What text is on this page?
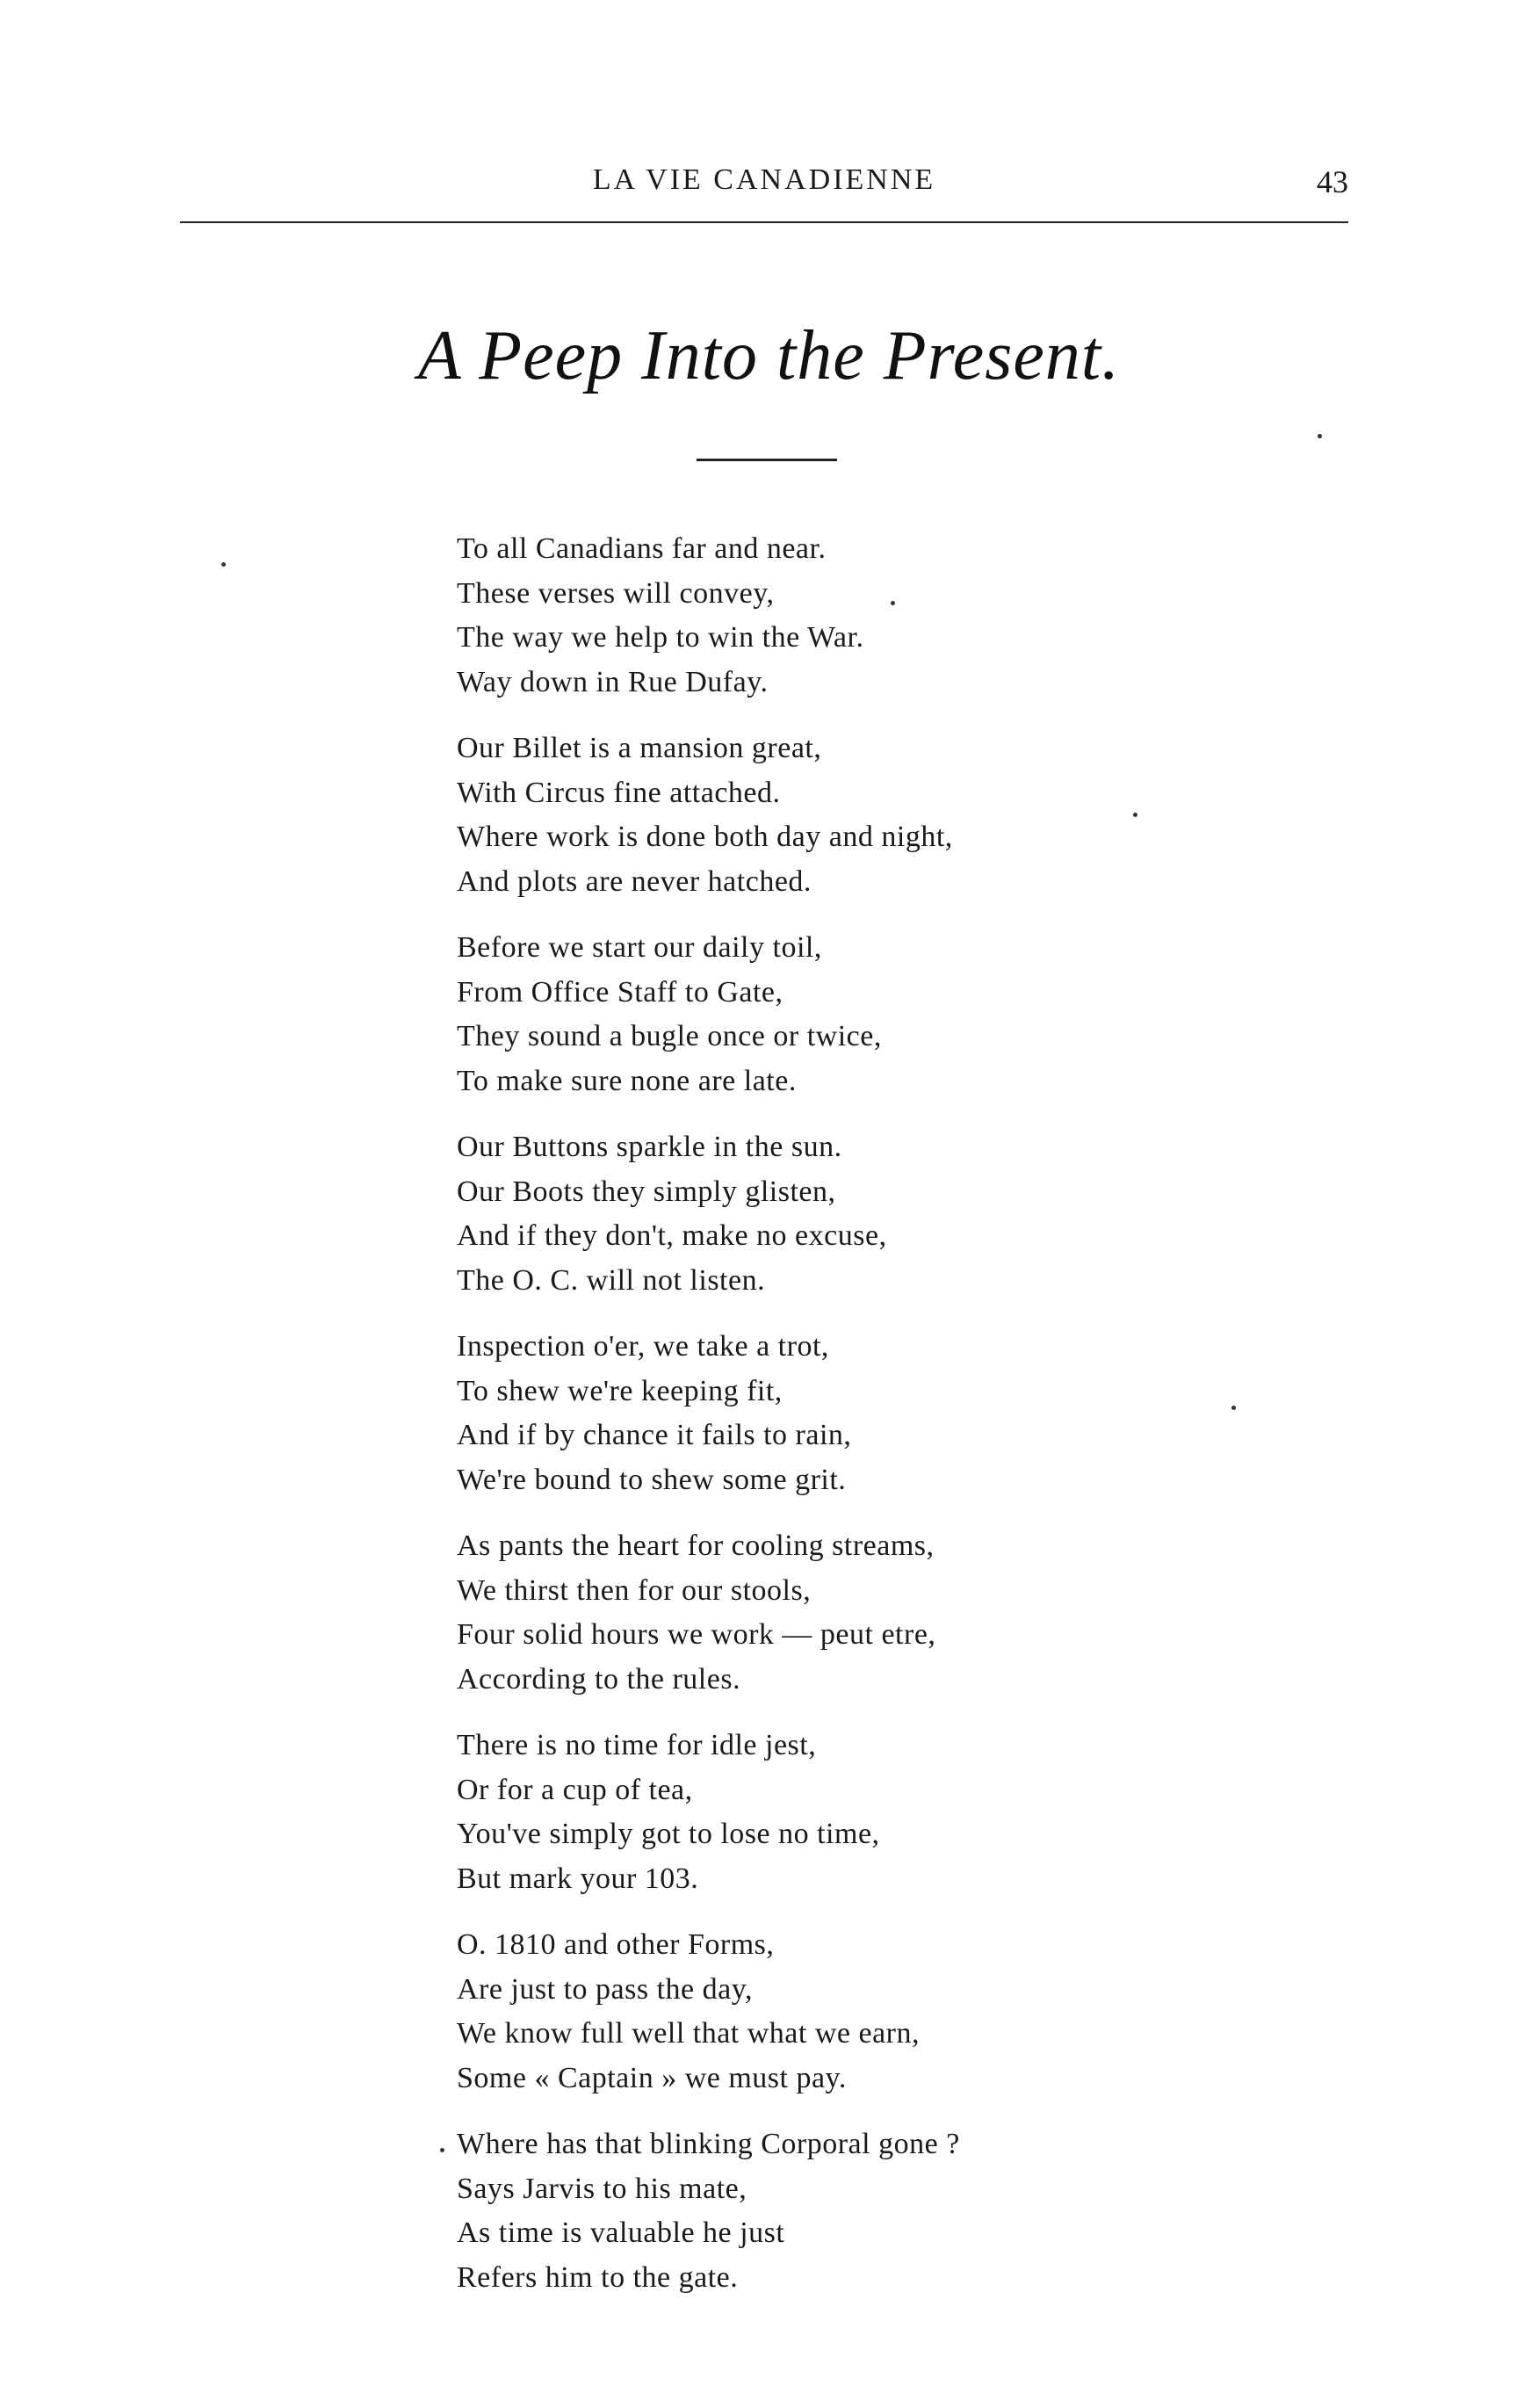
LA VIE CANADIENNE	43
A Peep Into the Present.
To all Canadians far and near.
These verses will convey,
The way we help to win the War.
Way down in Rue Dufay.
Our Billet is a mansion great,
With Circus fine attached.
Where work is done both day and night,
And plots are never hatched.
Before we start our daily toil,
From Office Staff to Gate,
They sound a bugle once or twice,
To make sure none are late.
Our Buttons sparkle in the sun.
Our Boots they simply glisten,
And if they don't, make no excuse,
The O. C. will not listen.
Inspection o'er, we take a trot,
To shew we're keeping fit,
And if by chance it fails to rain,
We're bound to shew some grit.
As pants the heart for cooling streams,
We thirst then for our stools,
Four solid hours we work — peut etre,
According to the rules.
There is no time for idle jest,
Or for a cup of tea,
You've simply got to lose no time,
But mark your 103.
O. 1810 and other Forms,
Are just to pass the day,
We know full well that what we earn,
Some « Captain » we must pay.
Where has that blinking Corporal gone ?
Says Jarvis to his mate,
As time is valuable he just
Refers him to the gate.
